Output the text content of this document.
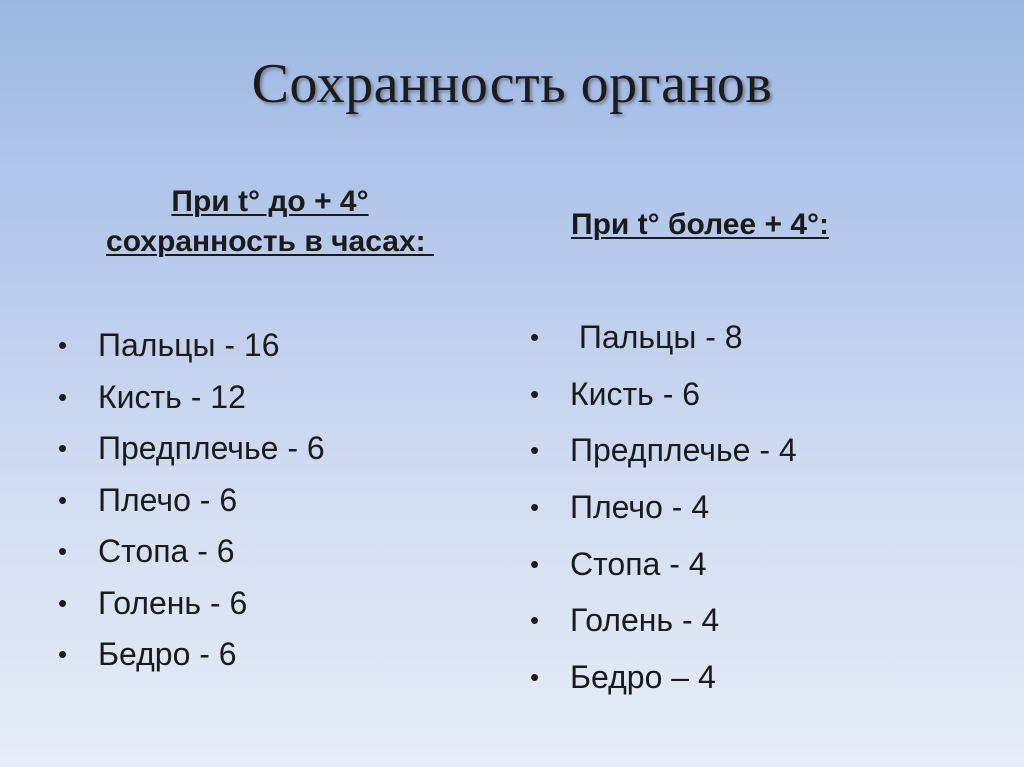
Сохранность органов

При t° до + 4°
сохранность в часах:

При t° более + 4°:

• Пальцы - 16
• Кисть - 12
• Предплечье - 6
• Плечо - 6
• Стопа - 6
• Голень - 6
• Бедро - 6
• Пальцы - 8
• Кисть - 6
• Предплечье - 4
• Плечо - 4
• Стопа - 4
• Голень - 4
• Бедро – 4
